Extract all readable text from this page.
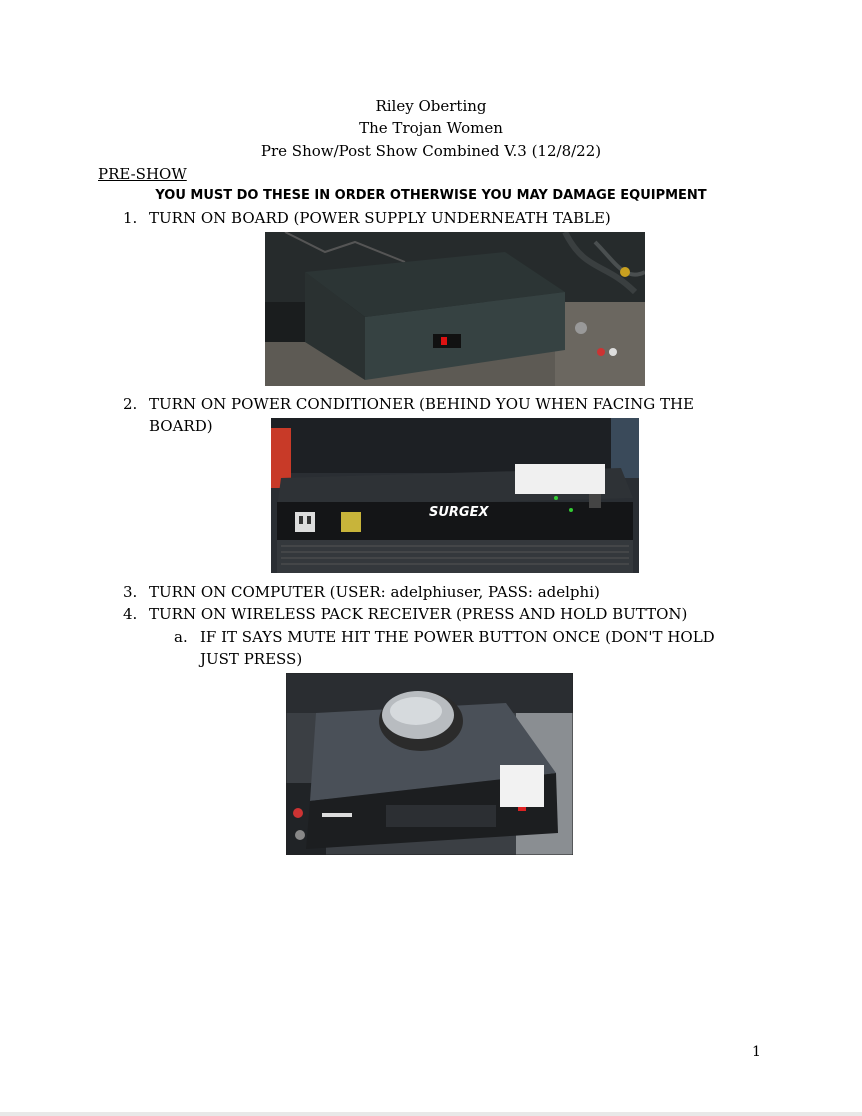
Riley Oberting
The Trojan Women
Pre Show/Post Show Combined V.3 (12/8/22)
PRE-SHOW
YOU MUST DO THESE IN ORDER OTHERWISE YOU MAY DAMAGE EQUIPMENT
1. TURN ON BOARD (POWER SUPPLY UNDERNEATH TABLE)
2. TURN ON POWER CONDITIONER (BEHIND YOU WHEN FACING THE BOARD)
SURGEX
3. TURN ON COMPUTER (USER: adelphiuser, PASS: adelphi)
4. TURN ON WIRELESS PACK RECEIVER (PRESS AND HOLD BUTTON)
a. IF IT SAYS MUTE HIT THE POWER BUTTON ONCE (DON'T HOLD JUST PRESS)
1
